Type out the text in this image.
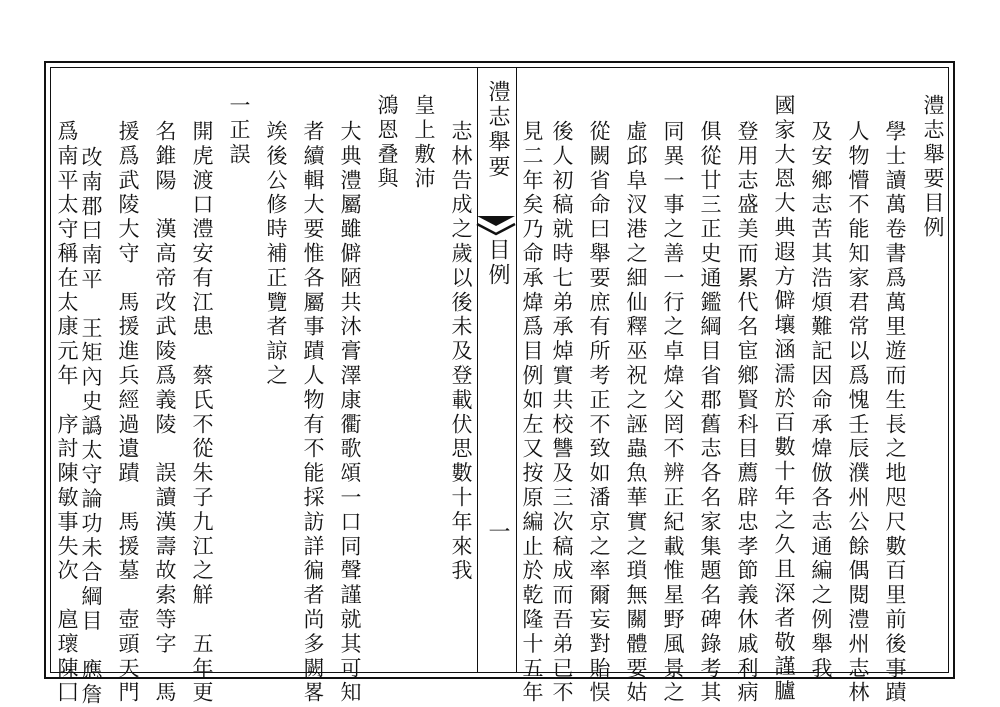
澧志舉要
目例
一
澧志舉要目例
學士讀萬卷書爲萬里遊而生長之地咫尺數百里前後事蹟
人物懵不能知家君常以爲愧壬辰濮州公餘偶閱澧州志林
及安鄉志苦其浩煩難記因命承煒倣各志通編之例舉我
國家大恩大典遐方僻壤涵濡於百數十年之久且深者敬謹臚
登用志盛美而累代名宦鄉賢科目薦辟忠孝節義休戚利病
俱從廿三正史通鑑綱目省郡舊志各名家集題名碑錄考其
同異一事之善一行之卓煒父罔不辨正紀載惟星野風景之
虛邱阜汊港之細仙釋巫祝之誣蟲魚華實之瑣無關體要姑
從闕省命曰舉要庶有所考正不致如潘京之率爾妄對貽悮
後人初稿就時七弟承焯實共校讐及三次稿成而吾弟已不
見二年矣乃命承煒爲目例如左又按原編止於乾隆十五年
志林告成之歲以後未及登載伏思數十年來我
皇上敷沛
鴻恩叠與
大典澧屬雖僻陋共沐膏澤康衢歌頌一口同聲謹就其可知
者續輯大要惟各屬事蹟人物有不能採訪詳徧者尚多闕畧
竢後公修時補正覽者諒之
一正誤
開虎渡口澧安有江患　蔡氏不從朱子九江之觧　五年更
名錐陽　漢高帝改武陵爲義陵　誤讀漢壽故索等字　馬
援爲武陵大守　馬援進兵經過遺蹟　馬援墓　壺頭天門
改南郡曰南平　王矩內史譌太守論功未合綱目　應詹
爲南平太守稱在太康元年　序討陳敏事失次　扈瓌陳囗
